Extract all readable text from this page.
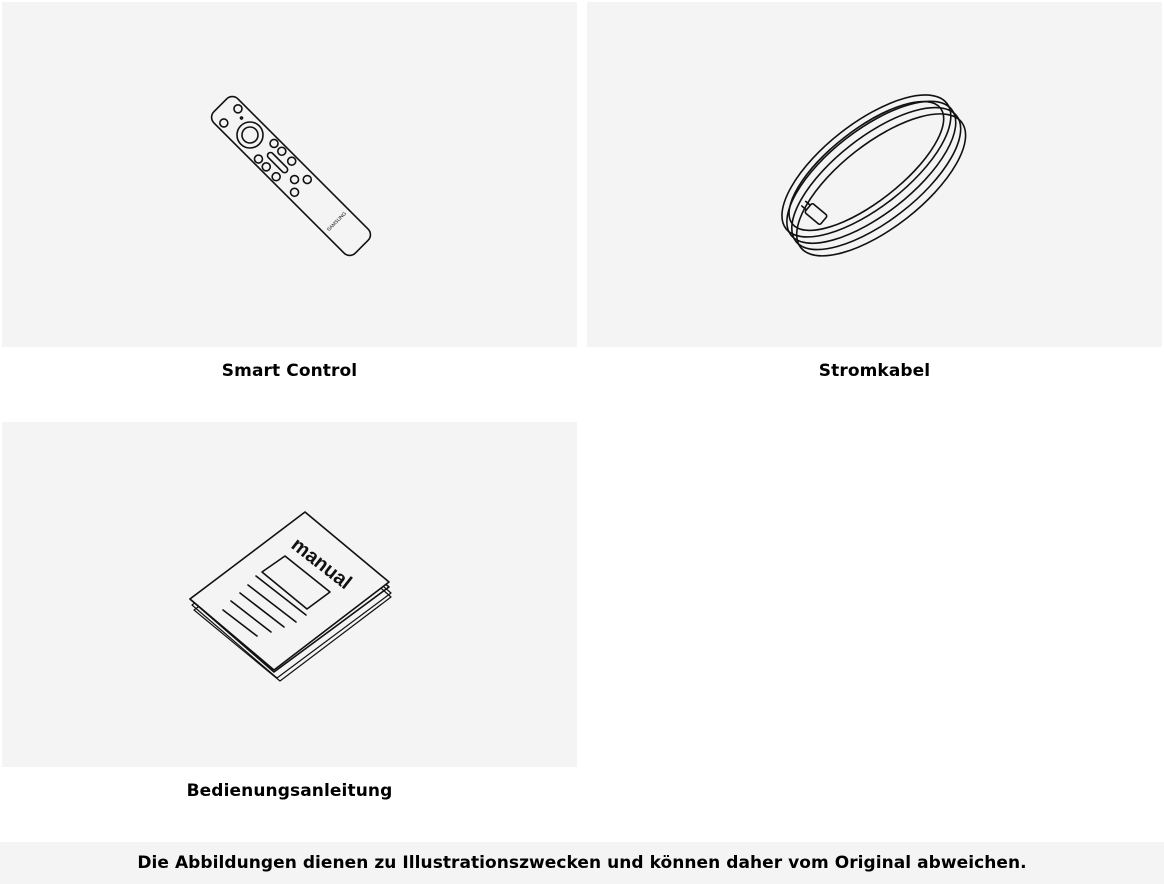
SAMSUNG
Smart Control	Stromkabel
manual
Bedienungsanleitung
Die Abbildungen dienen zu Illustrationszwecken und können daher vom Original abweichen.
